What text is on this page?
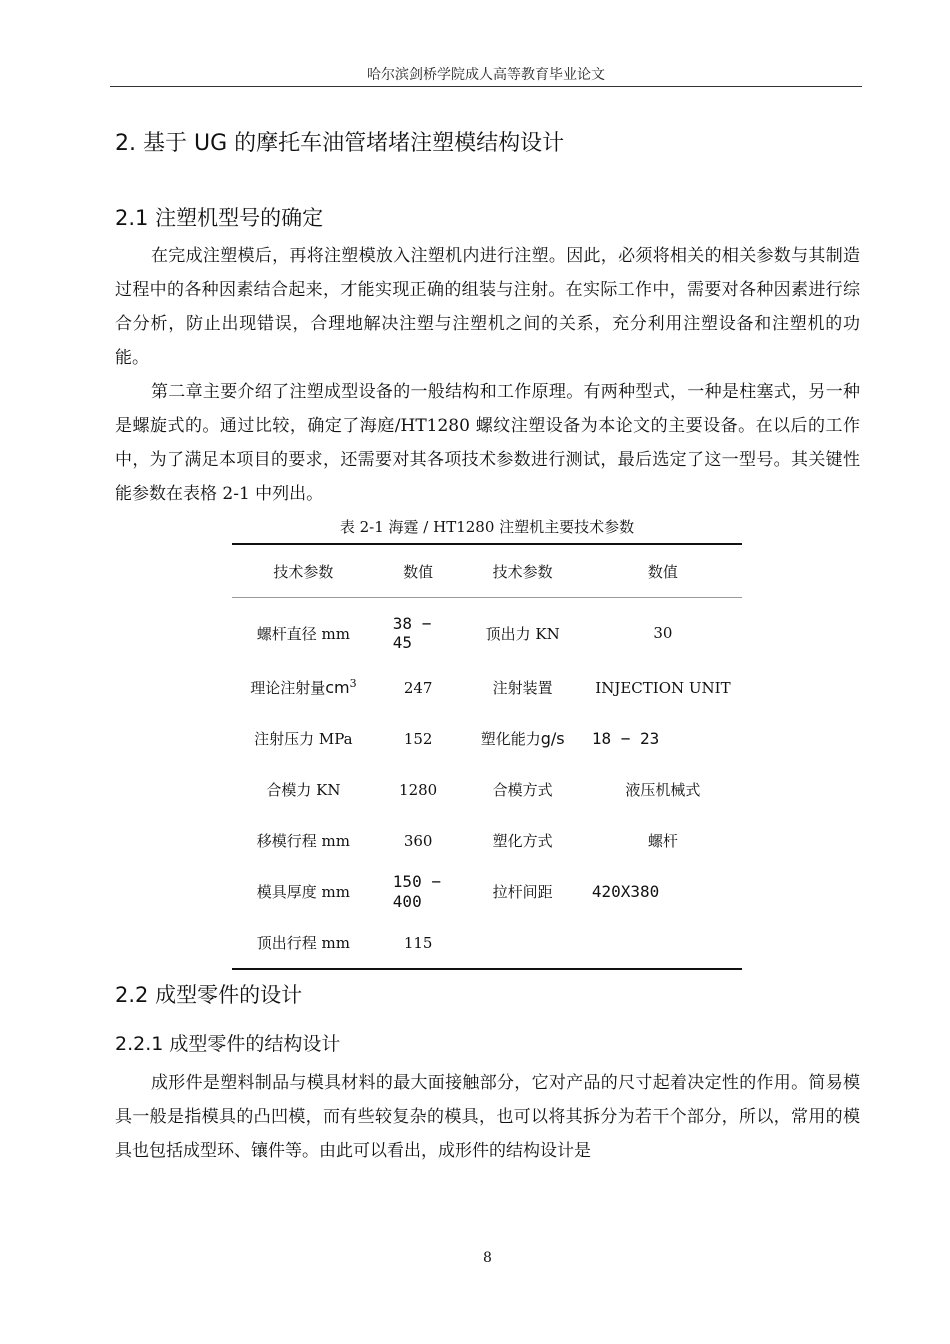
哈尔滨剑桥学院成人高等教育毕业论文
2. 基于 UG 的摩托车油管堵堵注塑模结构设计
2.1 注塑机型号的确定

在完成注塑模后，再将注塑模放入注塑机内进行注塑。因此，必须将相关的相关参数与其制造过程中的各种因素结合起来，才能实现正确的组装与注射。在实际工作中，需要对各种因素进行综合分析，防止出现错误，合理地解决注塑与注塑机之间的关系，充分利用注塑设备和注塑机的功能。

第二章主要介绍了注塑成型设备的一般结构和工作原理。有两种型式，一种是柱塞式，另一种是螺旋式的。通过比较，确定了海庭/HT1280 螺纹注塑设备为本论文的主要设备。在以后的工作中，为了满足本项目的要求，还需要对其各项技术参数进行测试，最后选定了这一型号。其关键性能参数在表格 2-1 中列出。

表 2-1 海霆 / HT1280 注塑机主要技术参数
技术参数	数值	技术参数	数值
螺杆直径 mm	38 − 45	顶出力 KN	30
理论注射量$cm^3$	247	注射装置	INJECTION UNIT
注射压力 MPa	152	塑化能力g/s	18 − 23
合模力 KN	1280	合模方式	液压机械式
移模行程 mm	360	塑化方式	螺杆
模具厚度 mm	150 − 400	拉杆间距	420X380
顶出行程 mm	115		
2.2 成型零件的设计
2.2.1 成型零件的结构设计

成形件是塑料制品与模具材料的最大面接触部分，它对产品的尺寸起着决定性的作用。简易模具一般是指模具的凸凹模，而有些较复杂的模具，也可以将其拆分为若干个部分，所以，常用的模具也包括成型环、镶件等。由此可以看出，成形件的结构设计是

8
